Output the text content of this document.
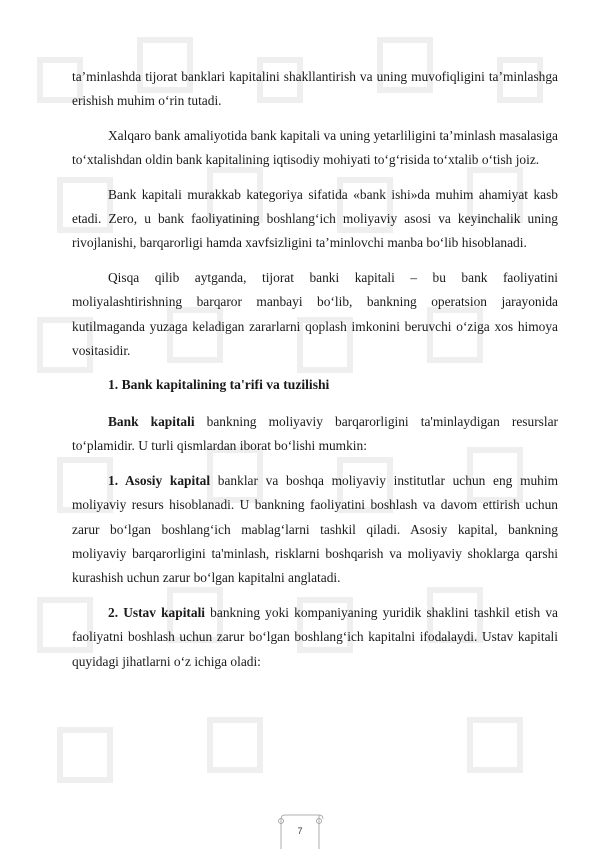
ta’minlashda tijorat banklari kapitalini shakllantirish va uning muvofiqligini ta’minlashga erishish muhim o‘rin tutadi.

Xalqaro bank amaliyotida bank kapitali va uning yetarliligini ta’minlash masalasiga to‘xtalishdan oldin bank kapitalining iqtisodiy mohiyati to‘g‘risida to‘xtalib o‘tish joiz.

Bank kapitali murakkab kategoriya sifatida «bank ishi»da muhim ahamiyat kasb etadi. Zero, u bank faoliyatining boshlang‘ich moliyaviy asosi va keyinchalik uning rivojlanishi, barqarorligi hamda xavfsizligini ta’minlovchi manba bo‘lib hisoblanadi.

Qisqa qilib aytganda, tijorat banki kapitali – bu bank faoliyatini moliyalashtirishning barqaror manbayi bo‘lib, bankning operatsion jarayonida kutilmaganda yuzaga keladigan zararlarni qoplash imkonini beruvchi o‘ziga xos himoya vositasidir.

1. Bank kapitalining ta'rifi va tuzilishi

Bank kapitali bankning moliyaviy barqarorligini ta'minlaydigan resurslar to‘plamidir. U turli qismlardan iborat bo‘lishi mumkin:

1. Asosiy kapital banklar va boshqa moliyaviy institutlar uchun eng muhim moliyaviy resurs hisoblanadi. U bankning faoliyatini boshlash va davom ettirish uchun zarur bo‘lgan boshlang‘ich mablag‘larni tashkil qiladi. Asosiy kapital, bankning moliyaviy barqarorligini ta'minlash, risklarni boshqarish va moliyaviy shoklarga qarshi kurashish uchun zarur bo‘lgan kapitalni anglatadi.

2. Ustav kapitali bankning yoki kompaniyaning yuridik shaklini tashkil etish va faoliyatni boshlash uchun zarur bo‘lgan boshlang‘ich kapitalni ifodalaydi. Ustav kapitali quyidagi jihatlarni o‘z ichiga oladi:

7
